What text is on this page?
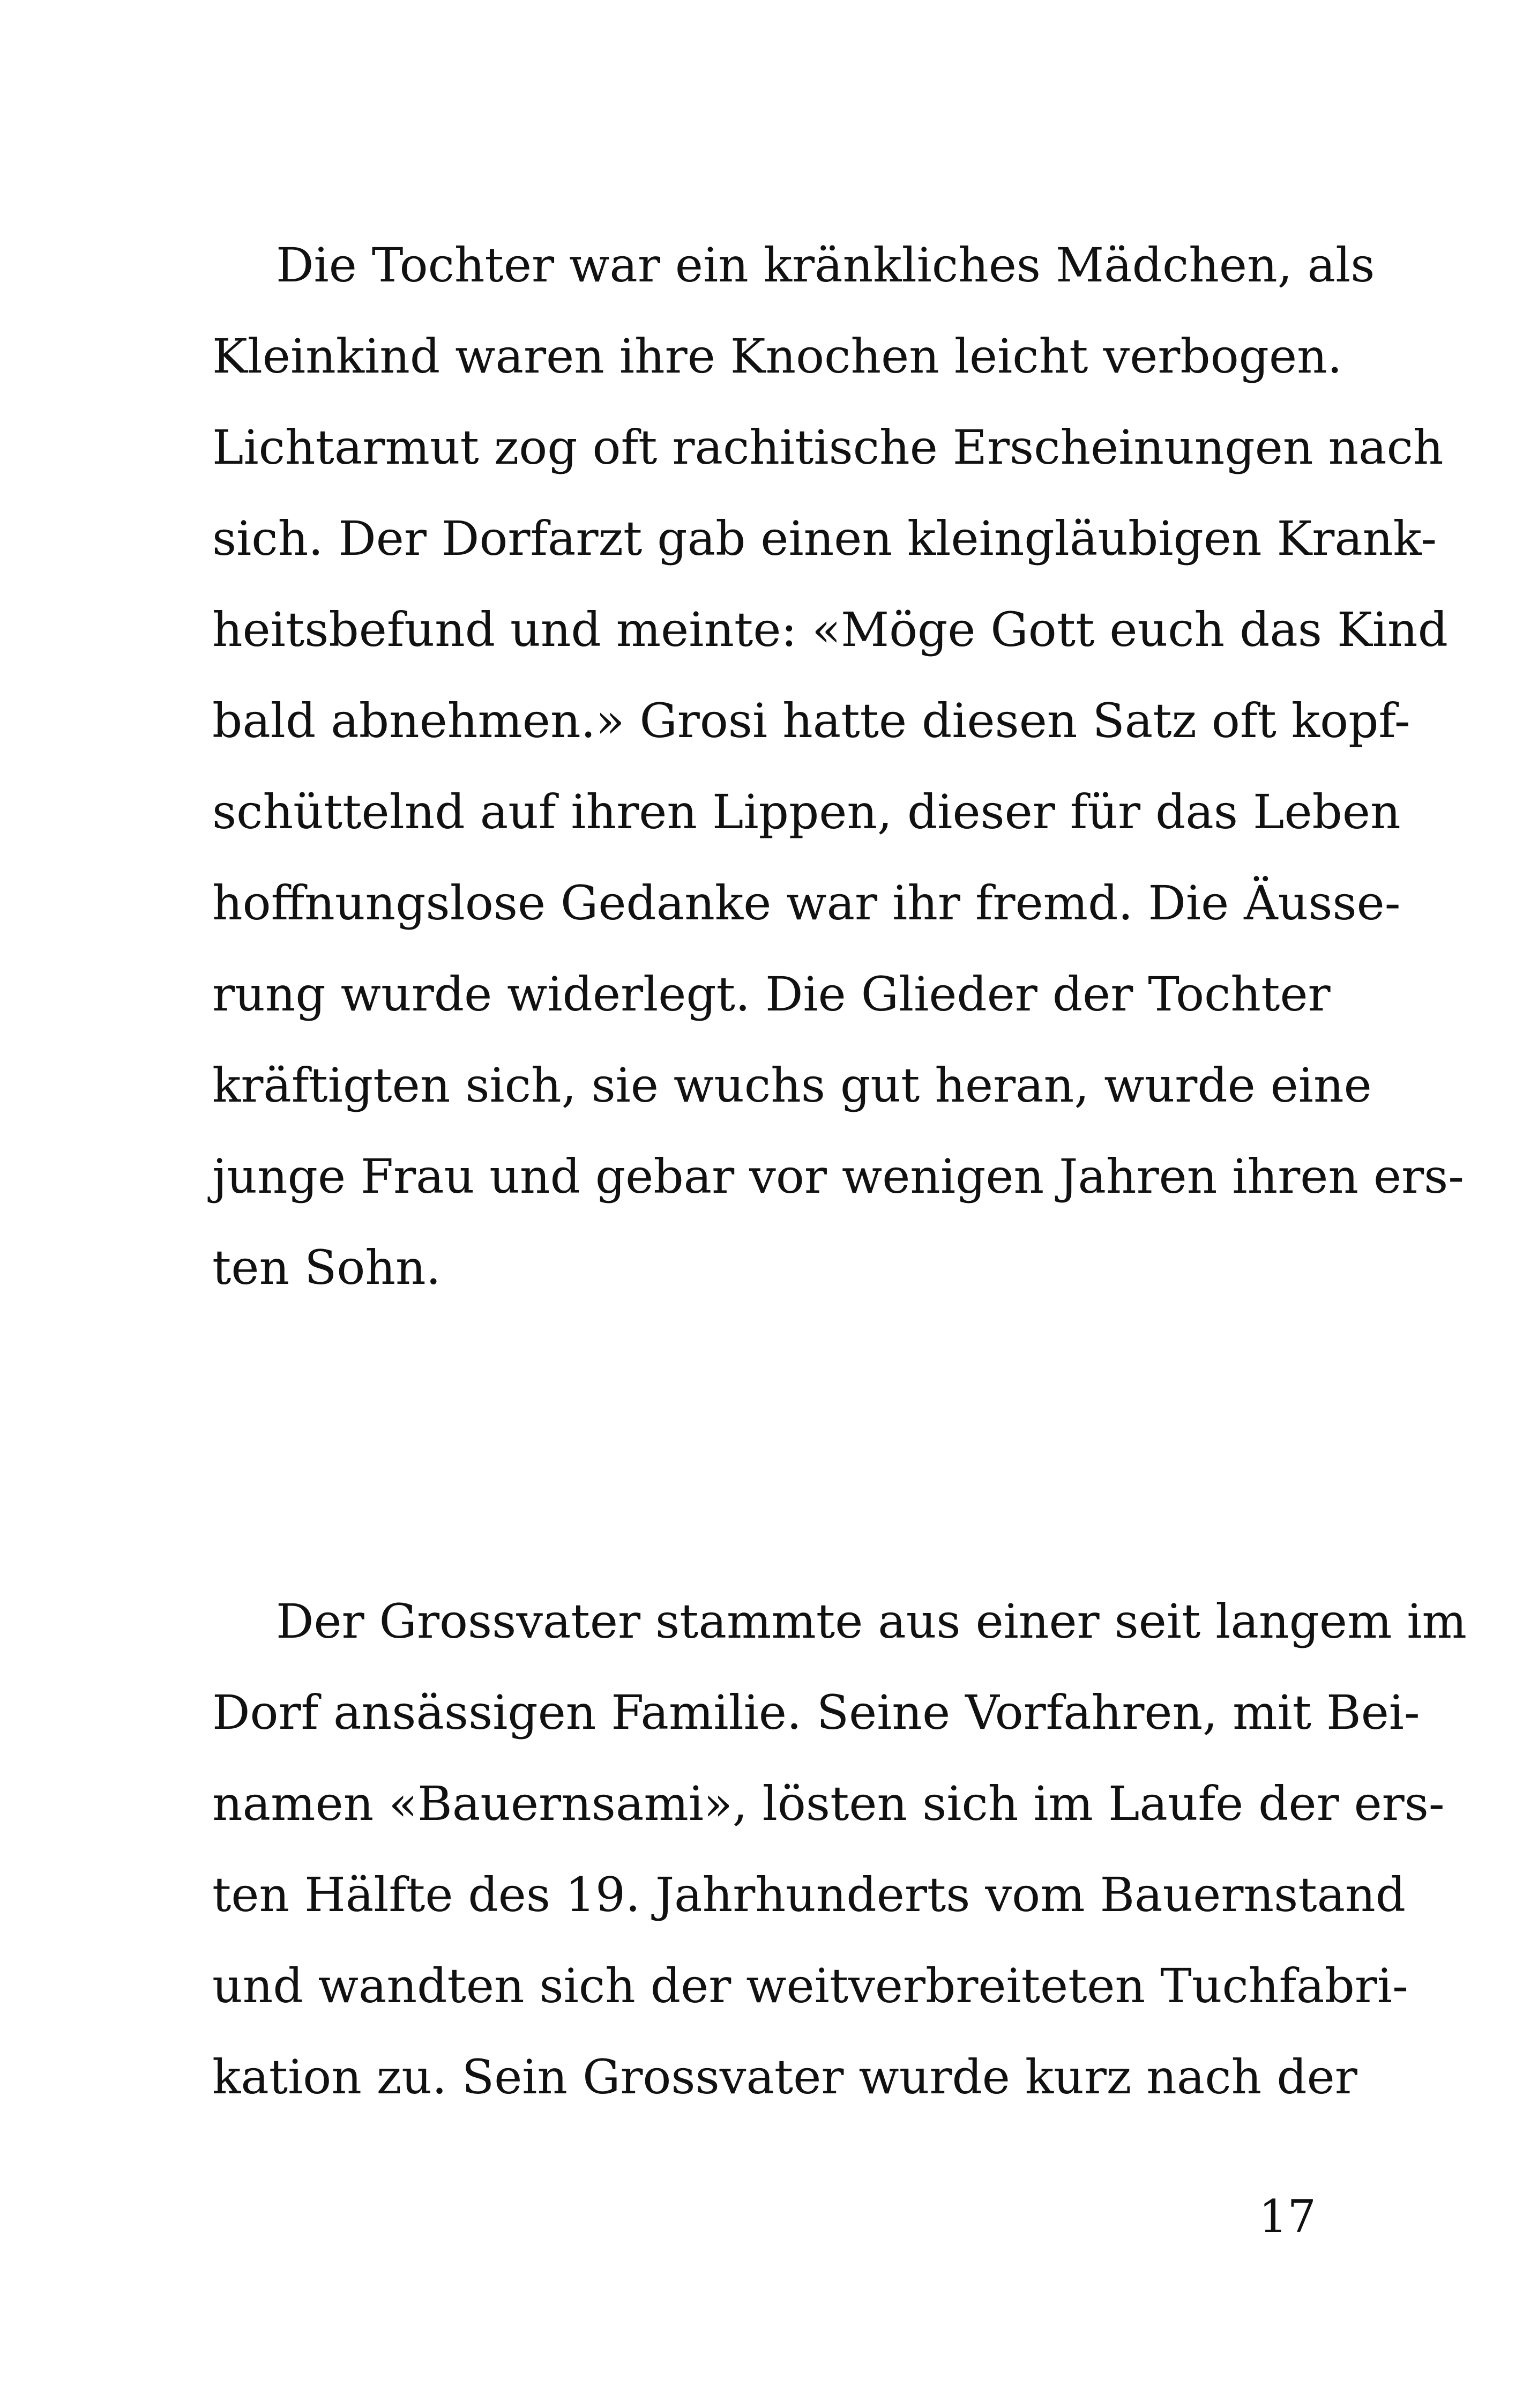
Die Tochter war ein kränkliches Mädchen, als
Kleinkind waren ihre Knochen leicht verbogen.
Lichtarmut zog oft rachitische Erscheinungen nach
sich. Der Dorfarzt gab einen kleingläubigen Krank-
heitsbefund und meinte: «Möge Gott euch das Kind
bald abnehmen.» Grosi hatte diesen Satz oft kopf-
schüttelnd auf ihren Lippen, dieser für das Leben
hoffnungslose Gedanke war ihr fremd. Die Äusse-
rung wurde widerlegt. Die Glieder der Tochter
kräftigten sich, sie wuchs gut heran, wurde eine
junge Frau und gebar vor wenigen Jahren ihren ers-
ten Sohn.
Der Grossvater stammte aus einer seit langem im
Dorf ansässigen Familie. Seine Vorfahren, mit Bei-
namen «Bauernsami», lösten sich im Laufe der ers-
ten Hälfte des 19. Jahrhunderts vom Bauernstand
und wandten sich der weitverbreiteten Tuchfabri-
kation zu. Sein Grossvater wurde kurz nach der
17
